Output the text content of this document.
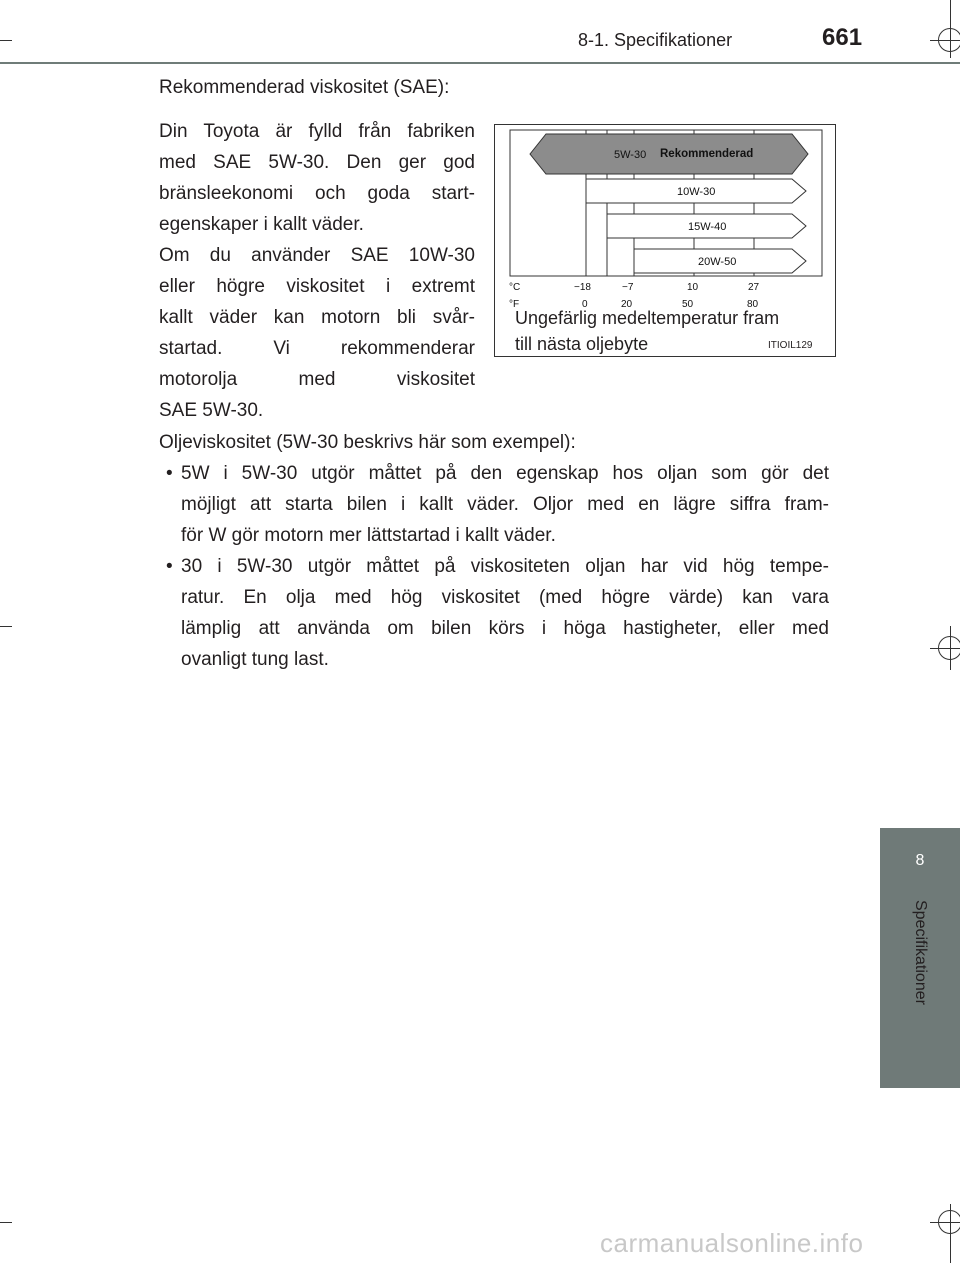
8-1. Specifikationer	661
8
Specifikationer
Rekommenderad viskositet (SAE):
Din Toyota är fylld från fabriken
med SAE 5W-30. Den ger god
bränsleekonomi och goda start-
egenskaper i kallt väder.
Om du använder SAE 10W-30
eller högre viskositet i extremt
kallt väder kan motorn bli svår-
startad. Vi rekommenderar
motorolja med viskositet
SAE 5W-30.
5W-30 Rekommenderad
10W-30
15W-40
20W-50
°C
°F
−18	−7	10	27
0	20	50	80
Ungefärlig medeltemperatur fram
till nästa oljebyte	ITIOIL129
Oljeviskositet (5W-30 beskrivs här som exempel):
• 5W i 5W-30 utgör måttet på den egenskap hos oljan som gör det
möjligt att starta bilen i kallt väder. Oljor med en lägre siffra fram-
för W gör motorn mer lättstartad i kallt väder.
• 30 i 5W-30 utgör måttet på viskositeten oljan har vid hög tempe-
ratur. En olja med hög viskositet (med högre värde) kan vara
lämplig att använda om bilen körs i höga hastigheter, eller med
ovanligt tung last.
carmanualsonline.info
